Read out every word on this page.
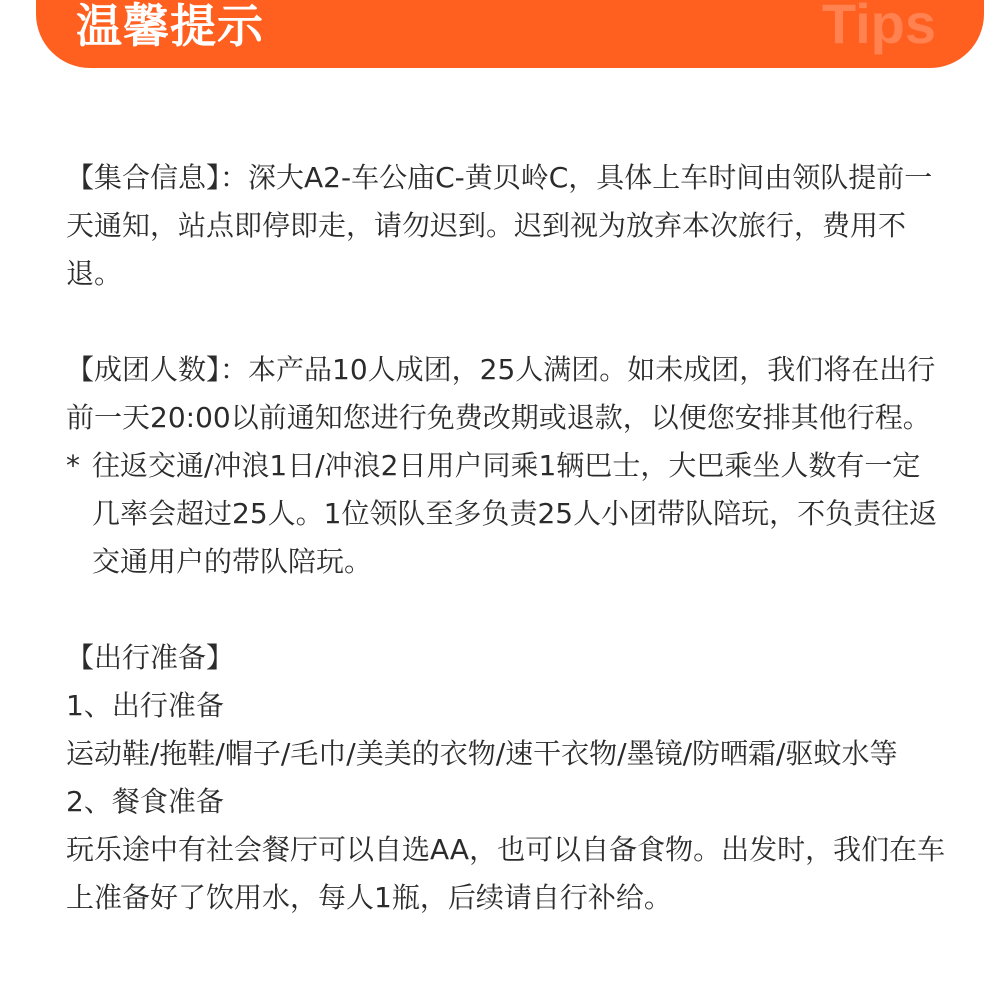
温馨提示	Tips

【集合信息】：深大A2-车公庙C-黄贝岭C，具体上车时间由领队提前一天通知，站点即停即走，请勿迟到。迟到视为放弃本次旅行，费用不退。

【成团人数】：本产品10人成团，25人满团。如未成团，我们将在出行前一天20:00以前通知您进行免费改期或退款，以便您安排其他行程。

* 往返交通/冲浪1日/冲浪2日用户同乘1辆巴士，大巴乘坐人数有一定几率会超过25人。1位领队至多负责25人小团带队陪玩，不负责往返交通用户的带队陪玩。

【出行准备】

1、出行准备

运动鞋/拖鞋/帽子/毛巾/美美的衣物/速干衣物/墨镜/防晒霜/驱蚊水等

2、餐食准备

玩乐途中有社会餐厅可以自选AA，也可以自备食物。出发时，我们在车上准备好了饮用水，每人1瓶，后续请自行补给。
